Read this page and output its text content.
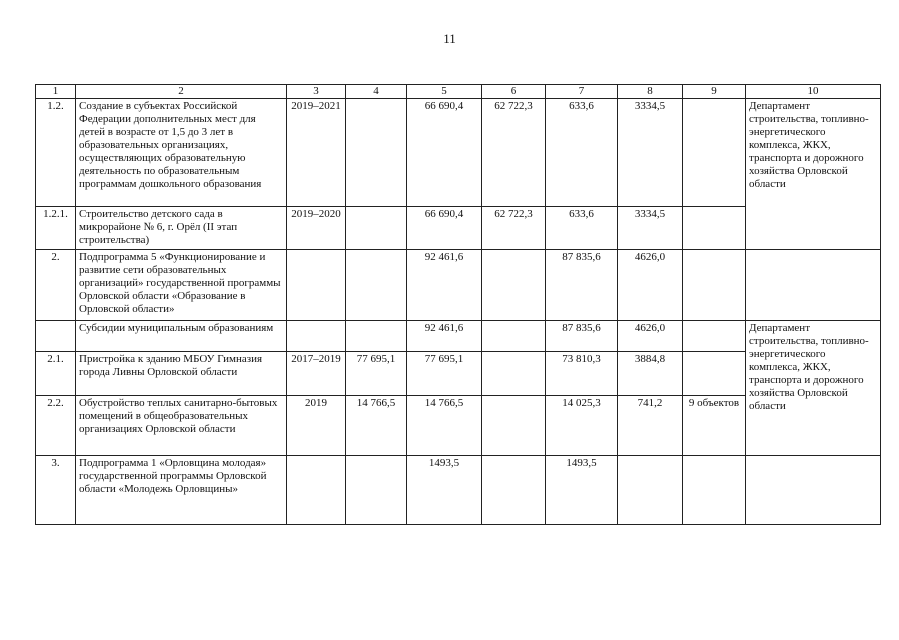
11
1	2	3	4	5	6	7	8	9	10
1.2.	Создание в субъектах Российской Федерации дополнительных мест для детей в возрасте от 1,5 до 3 лет в образовательных организациях, осуществляющих образовательную деятельность по образовательным программам дошкольного образования	2019–2021		66 690,4	62 722,3	633,6	3334,5		Департамент строительства, топливно-энергетического комплекса, ЖКХ, транспорта и дорожного хозяйства Орловской области
1.2.1.	Строительство детского сада в микрорайоне № 6, г. Орёл (II этап строительства)	2019–2020		66 690,4	62 722,3	633,6	3334,5		
2.	Подпрограмма 5 «Функционирование и развитие сети образовательных организаций» государственной программы Орловской области «Образование в Орловской области»			92 461,6		87 835,6	4626,0		
	Субсидии муниципальным образованиям			92 461,6		87 835,6	4626,0		Департамент строительства, топливно-энергетического комплекса, ЖКХ, транспорта и дорожного хозяйства Орловской области
2.1.	Пристройка к зданию МБОУ Гимназия города Ливны Орловской области	2017–2019	77 695,1	77 695,1		73 810,3	3884,8		
2.2.	Обустройство теплых санитарно-бытовых помещений в общеобразовательных организациях Орловской области	2019	14 766,5	14 766,5		14 025,3	741,2	9 объектов	
3.	Подпрограмма 1 «Орловщина молодая» государственной программы Орловской области «Молодежь Орловщины»			1493,5		1493,5			
